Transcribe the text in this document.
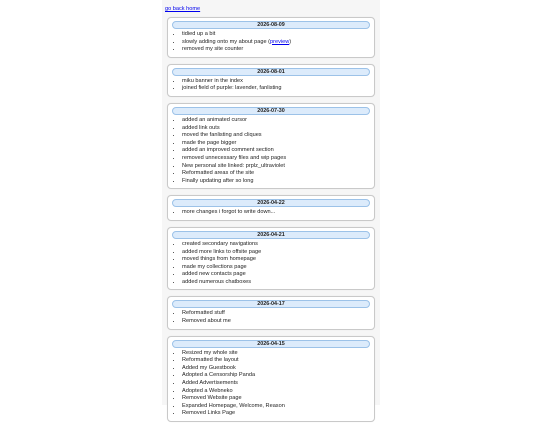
go back home
2026-08-09
• tidied up a bit
• slowly adding onto my about page (preview)
• removed my site counter
2026-08-01
• miku banner in the index
• joined field of purple: lavender, fanlisting
2026-07-30
• added an animated cursor
• added link outs
• moved the fanlisting and cliques
• made the page bigger
• added an improved comment section
• removed unnecessary files and wip pages
• New personal site linked: prplz_ultraviolet
• Reformatted areas of the site
• Finally updating after so long
2026-04-22
• more changes i forgot to write down...
2026-04-21
• created secondary navigations
• added more links to offsite page
• moved things from homepage
• made my collections page
• added new contacts page
• added numerous chatboxes
2026-04-17
• Reformatted stuff
• Removed about me
2026-04-15
• Resized my whole site
• Reformatted the layout
• Added my Guestbook
• Adopted a Censorship Panda
• Added Advertisements
• Adopted a Webneko
• Removed Website page
• Expanded Homepage, Welcome, Reason
• Removed Links Page
